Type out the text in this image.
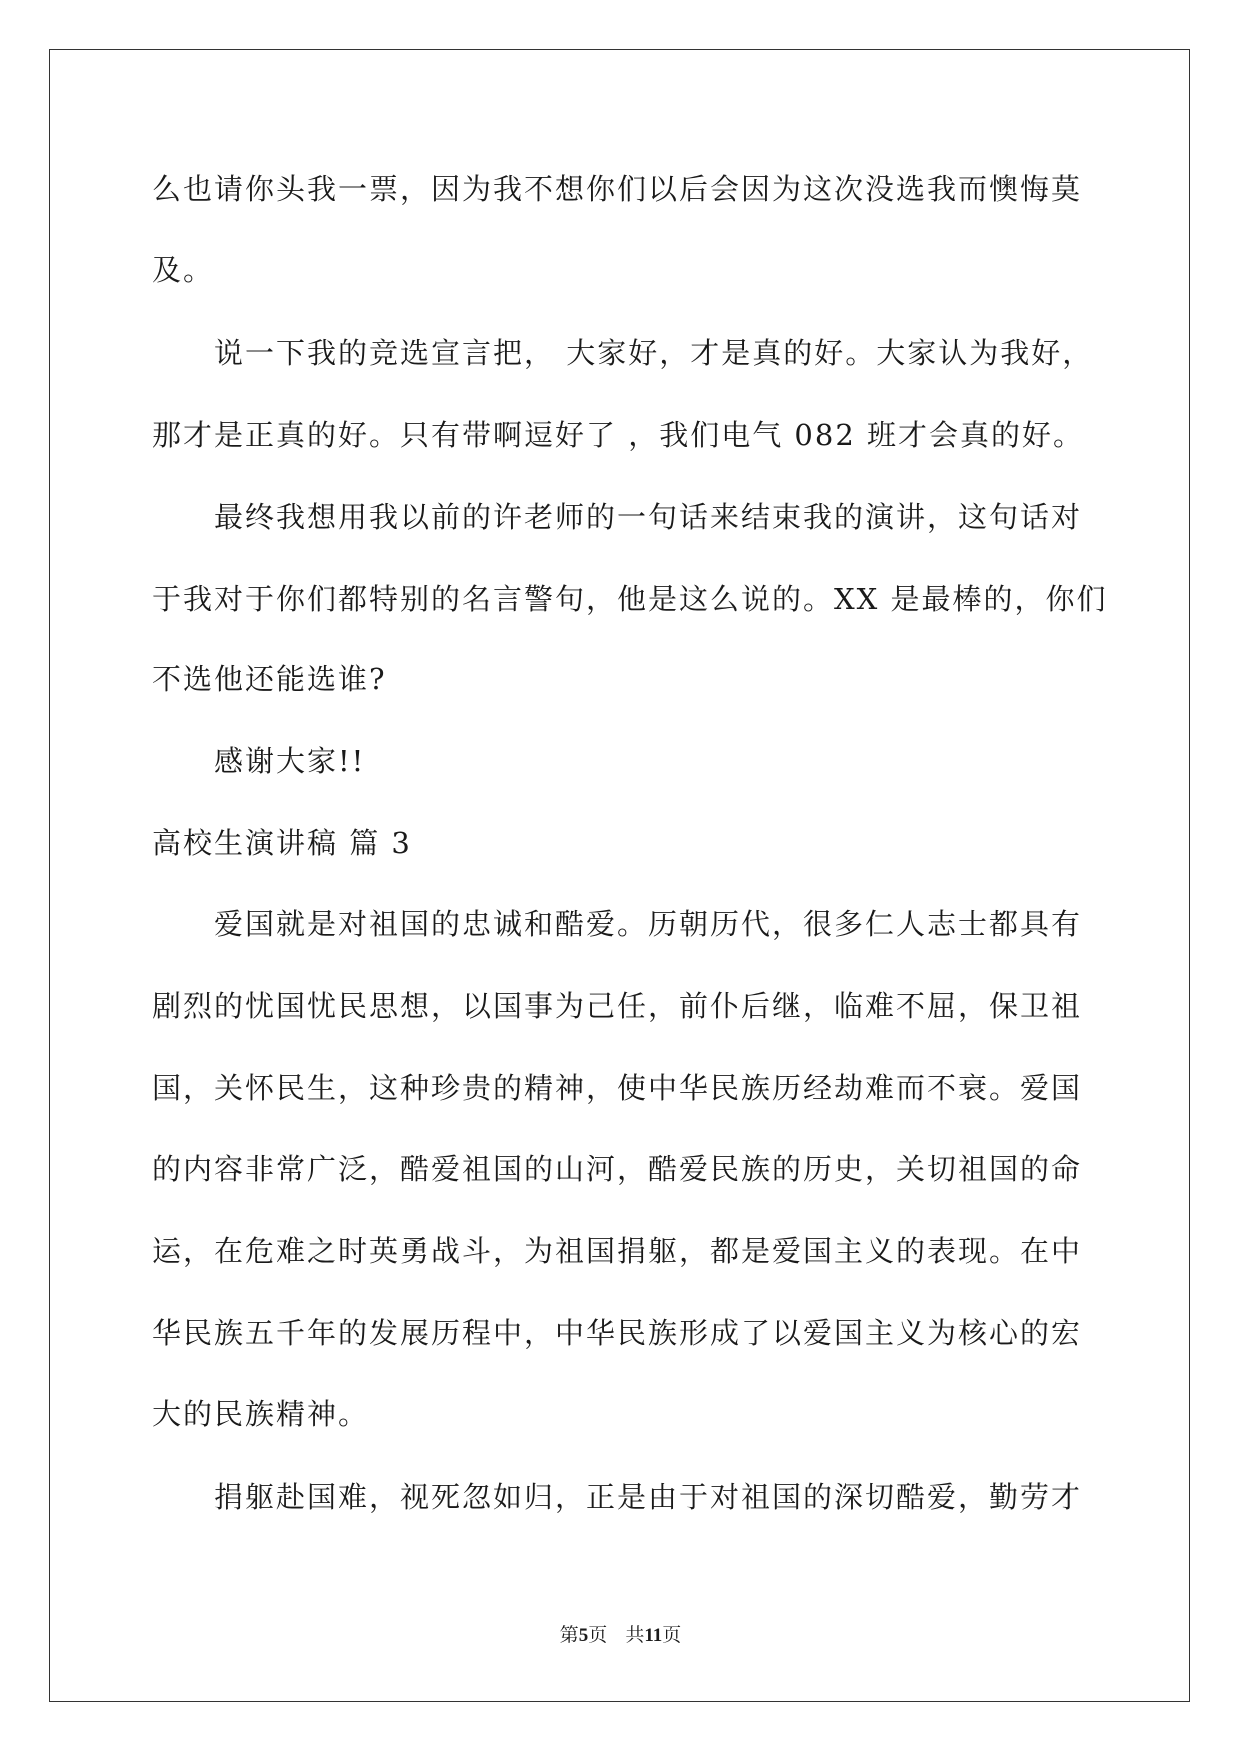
么也请你头我一票，因为我不想你们以后会因为这次没选我而懊悔莫
及。
说一下我的竞选宣言把， 大家好，才是真的好。大家认为我好，
那才是正真的好。只有带啊逗好了 ，我们电气 082 班才会真的好。
最终我想用我以前的许老师的一句话来结束我的演讲，这句话对
于我对于你们都特别的名言警句，他是这么说的。XX 是最棒的，你们
不选他还能选谁?
感谢大家!!
高校生演讲稿 篇 3
爱国就是对祖国的忠诚和酷爱。历朝历代，很多仁人志士都具有
剧烈的忧国忧民思想，以国事为己任，前仆后继，临难不屈，保卫祖
国，关怀民生，这种珍贵的精神，使中华民族历经劫难而不衰。爱国
的内容非常广泛，酷爱祖国的山河，酷爱民族的历史，关切祖国的命
运，在危难之时英勇战斗，为祖国捐躯，都是爱国主义的表现。在中
华民族五千年的发展历程中，中华民族形成了以爱国主义为核心的宏
大的民族精神。
捐躯赴国难，视死忽如归，正是由于对祖国的深切酷爱，勤劳才
第5页 共11页
